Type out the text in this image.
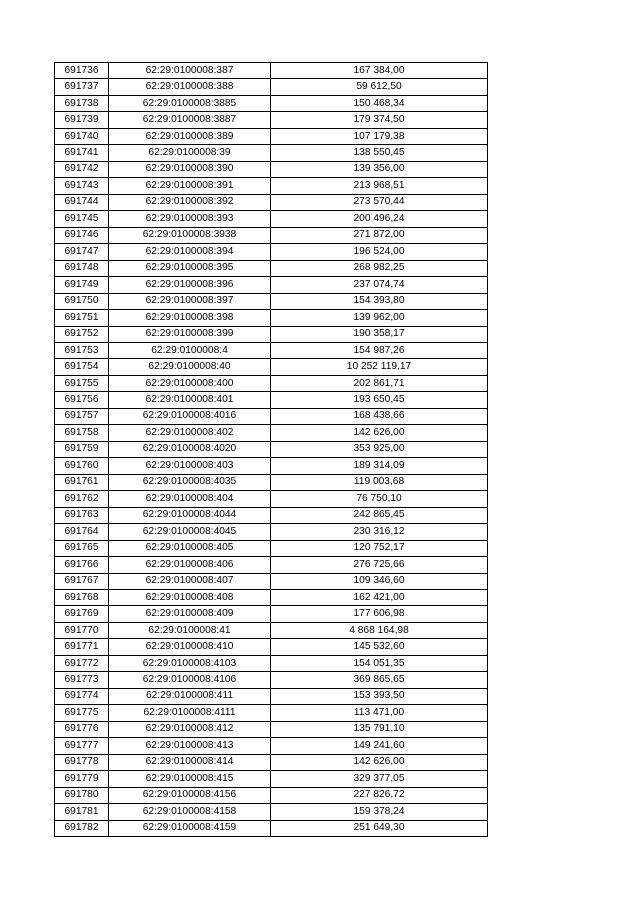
691736	62:29:0100008:387	167 384,00
691737	62:29:0100008:388	59 612,50
691738	62:29:0100008:3885	150 468,34
691739	62:29:0100008:3887	179 374,50
691740	62:29:0100008:389	107 179,38
691741	62:29:0100008:39	138 550,45
691742	62:29:0100008:390	139 356,00
691743	62:29:0100008:391	213 968,51
691744	62:29:0100008:392	273 570,44
691745	62:29:0100008:393	200 496,24
691746	62:29:0100008:3938	271 872,00
691747	62:29:0100008:394	196 524,00
691748	62:29:0100008:395	268 982,25
691749	62:29:0100008:396	237 074,74
691750	62:29:0100008:397	154 393,80
691751	62:29:0100008:398	139 962,00
691752	62:29:0100008:399	190 358,17
691753	62:29:0100008:4	154 987,26
691754	62:29:0100008:40	10 252 119,17
691755	62:29:0100008:400	202 861,71
691756	62:29:0100008:401	193 650,45
691757	62:29:0100008:4016	168 438,66
691758	62:29:0100008:402	142 626,00
691759	62:29:0100008:4020	353 925,00
691760	62:29:0100008:403	189 314,09
691761	62:29:0100008:4035	119 003,68
691762	62:29:0100008:404	76 750,10
691763	62:29:0100008:4044	242 865,45
691764	62:29:0100008:4045	230 316,12
691765	62:29:0100008:405	120 752,17
691766	62:29:0100008:406	276 725,66
691767	62:29:0100008:407	109 346,60
691768	62:29:0100008:408	162 421,00
691769	62:29:0100008:409	177 606,98
691770	62:29:0100008:41	4 868 164,98
691771	62:29:0100008:410	145 532,60
691772	62:29:0100008:4103	154 051,35
691773	62:29:0100008:4106	369 865,65
691774	62:29:0100008:411	153 393,50
691775	62:29:0100008:4111	113 471,00
691776	62:29:0100008:412	135 791,10
691777	62:29:0100008:413	149 241,60
691778	62:29:0100008:414	142 626,00
691779	62:29:0100008:415	329 377,05
691780	62:29:0100008:4156	227 826,72
691781	62:29:0100008:4158	159 378,24
691782	62:29:0100008:4159	251 649,30
